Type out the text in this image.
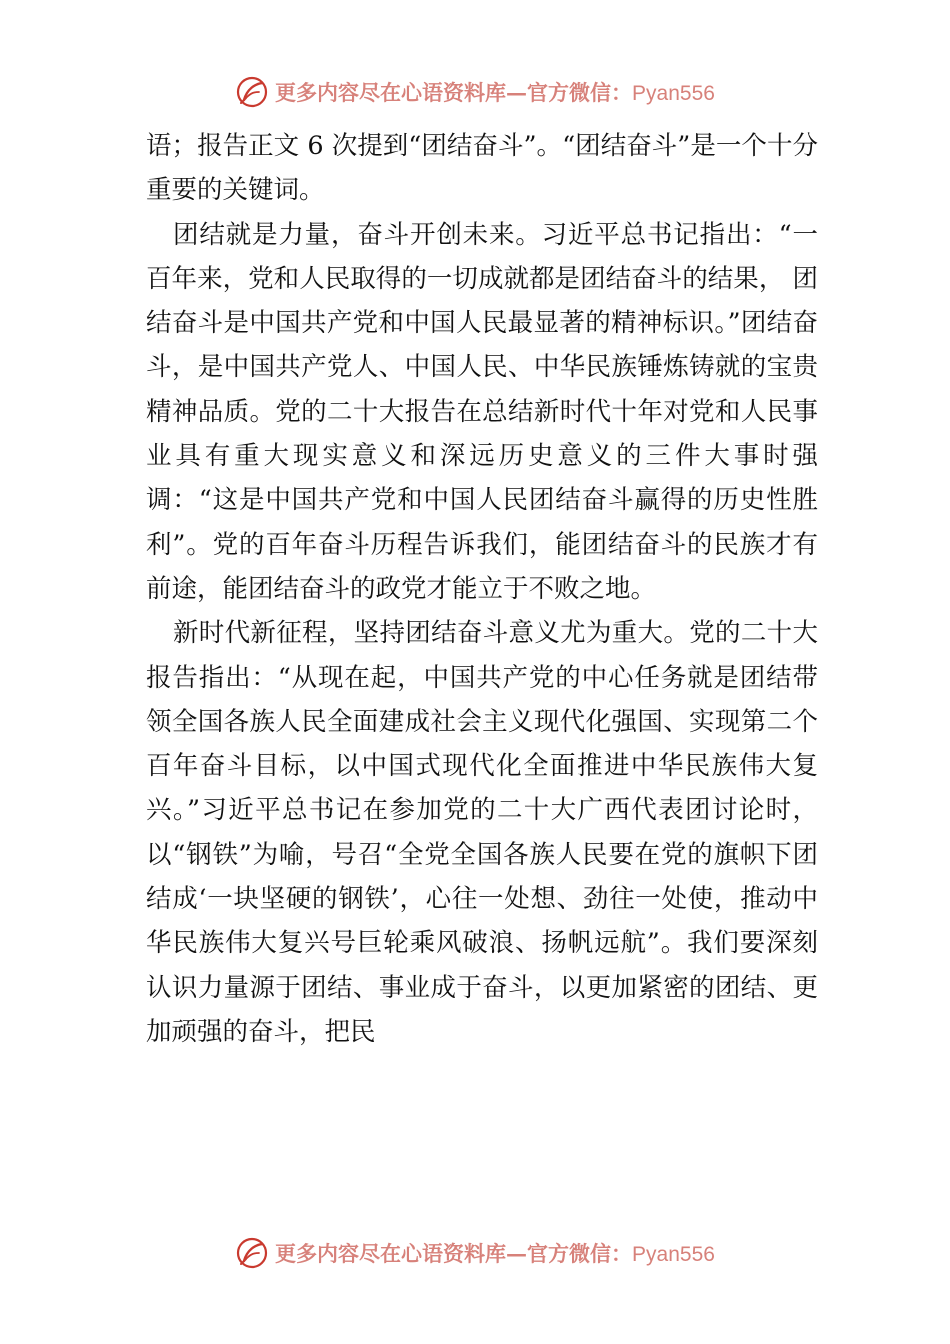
更多内容尽在心语资料库—官方微信：Pyan556

语；报告正文 6 次提到“团结奋斗”。“团结奋斗”是一个十分重要的关键词。

团结就是力量，奋斗开创未来。习近平总书记指出：“一百年来，党和人民取得的一切成就都是团结奋斗的结果， 团结奋斗是中国共产党和中国人民最显著的精神标识。”团结奋斗，是中国共产党人、中国人民、中华民族锤炼铸就的宝贵精神品质。党的二十大报告在总结新时代十年对党和人民事业具有重大现实意义和深远历史意义的三件大事时强调：“这是中国共产党和中国人民团结奋斗赢得的历史性胜利”。党的百年奋斗历程告诉我们，能团结奋斗的民族才有前途，能团结奋斗的政党才能立于不败之地。

新时代新征程，坚持团结奋斗意义尤为重大。党的二十大报告指出：“从现在起，中国共产党的中心任务就是团结带领全国各族人民全面建成社会主义现代化强国、实现第二个百年奋斗目标，以中国式现代化全面推进中华民族伟大复兴。”习近平总书记在参加党的二十大广西代表团讨论时，以“钢铁”为喻，号召“全党全国各族人民要在党的旗帜下团结成‘一块坚硬的钢铁’，心往一处想、劲往一处使，推动中华民族伟大复兴号巨轮乘风破浪、扬帆远航”。我们要深刻认识力量源于团结、事业成于奋斗，以更加紧密的团结、更加顽强的奋斗，把民

更多内容尽在心语资料库—官方微信：Pyan556
